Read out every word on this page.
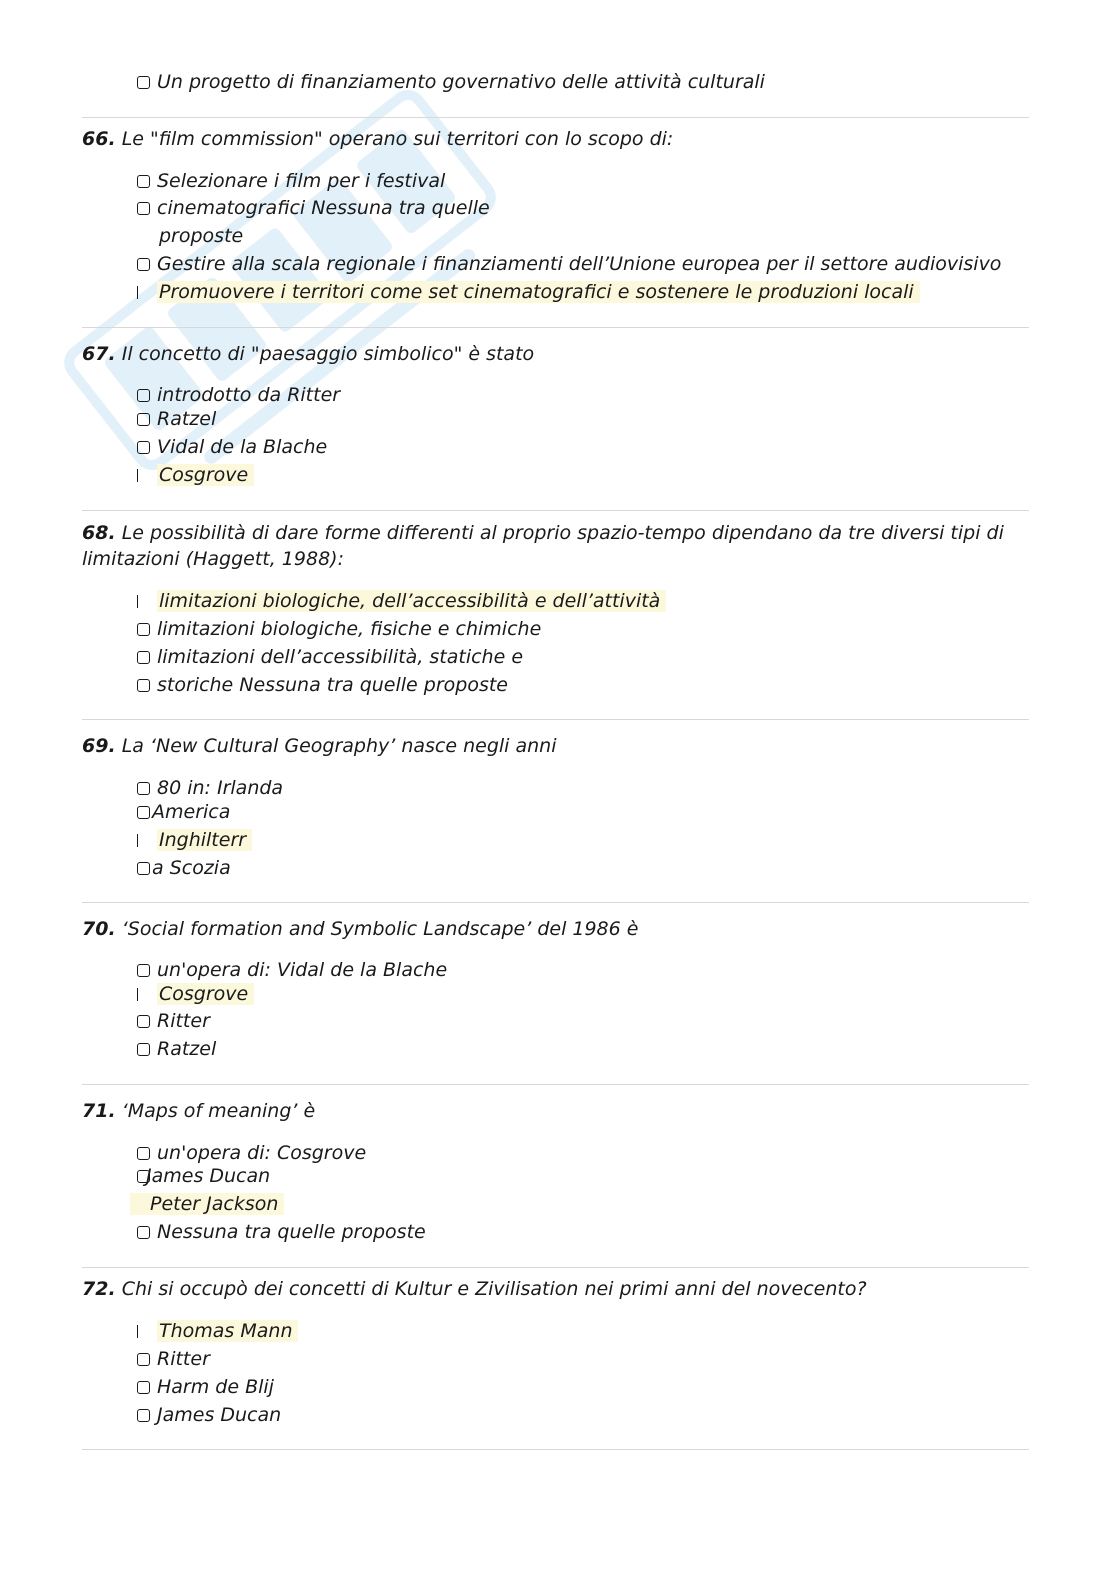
Un progetto di finanziamento governativo delle attività culturali
66. Le "film commission" operano sui territori con lo scopo di:
Selezionare i film per i festival
cinematografici Nessuna tra quelle
proposte
Gestire alla scala regionale i finanziamenti dell’Unione europea per il settore audiovisivo
Promuovere i territori come set cinematografici e sostenere le produzioni locali
67. Il concetto di "paesaggio simbolico" è stato
introdotto da Ritter
Ratzel
Vidal de la Blache
Cosgrove
68. Le possibilità di dare forme differenti al proprio spazio-tempo dipendano da tre diversi tipi di
limitazioni (Haggett, 1988):
limitazioni biologiche, dell’accessibilità e dell’attività
limitazioni biologiche, fisiche e chimiche
limitazioni dell’accessibilità, statiche e
storiche Nessuna tra quelle proposte
69. La ‘New Cultural Geography’ nasce negli anni
80 in: Irlanda
America
Inghilterr
a Scozia
70. ‘Social formation and Symbolic Landscape’ del 1986 è
un'opera di: Vidal de la Blache
Cosgrove
Ritter
Ratzel
71. ‘Maps of meaning’ è
un'opera di: Cosgrove
James Ducan
Peter Jackson
Nessuna tra quelle proposte
72. Chi si occupò dei concetti di Kultur e Zivilisation nei primi anni del novecento?
Thomas Mann
Ritter
Harm de Blij
James Ducan
